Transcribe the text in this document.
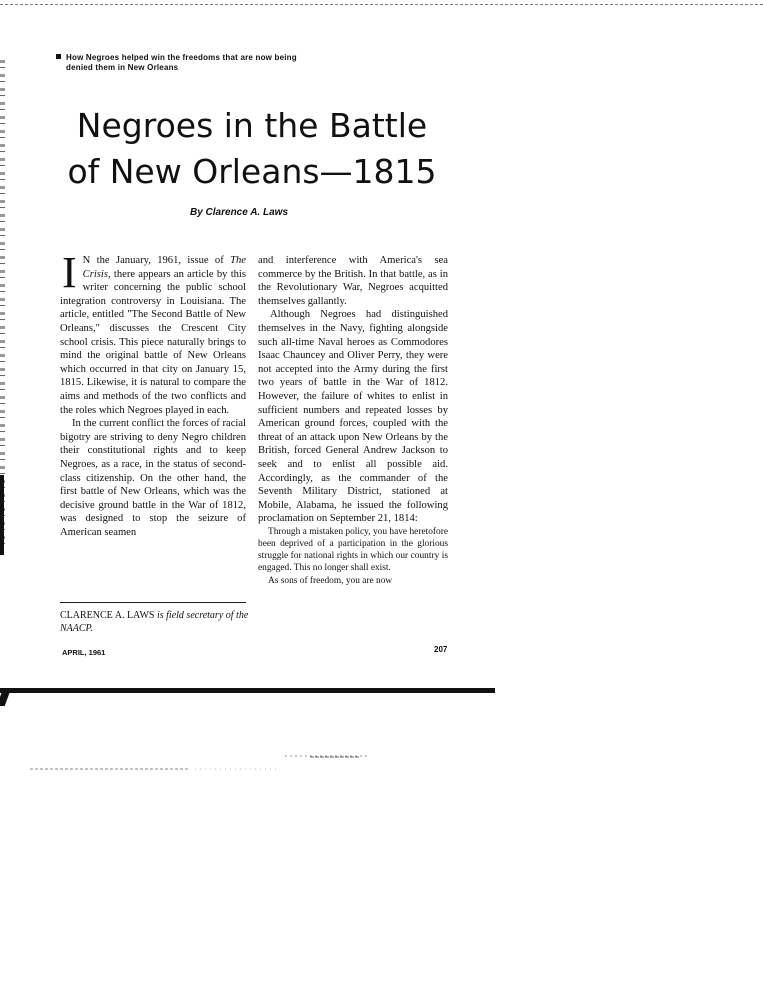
How Negroes helped win the freedoms that are now being
denied them in New Orleans
Negroes in the Battle
of New Orleans—1815
By Clarence A. Laws

I N the January, 1961, issue of The Crisis, there appears an article by this writer concerning the public school integration controversy in Louisiana. The article, entitled "The Second Battle of New Orleans," discusses the Crescent City school crisis. This piece naturally brings to mind the original battle of New Orleans which occurred in that city on January 15, 1815. Likewise, it is natural to compare the aims and methods of the two conflicts and the roles which Negroes played in each.

In the current conflict the forces of racial bigotry are striving to deny Negro children their constitutional rights and to keep Negroes, as a race, in the status of second-class citizenship. On the other hand, the first battle of New Orleans, which was the decisive ground battle in the War of 1812, was designed to stop the seizure of American seamen

and interference with America's sea commerce by the British. In that battle, as in the Revolutionary War, Negroes acquitted themselves gallantly.

Although Negroes had distinguished themselves in the Navy, fighting alongside such all-time Naval heroes as Commodores Isaac Chauncey and Oliver Perry, they were not accepted into the Army during the first two years of battle in the War of 1812. However, the failure of whites to enlist in sufficient numbers and repeated losses by American ground forces, coupled with the threat of an attack upon New Orleans by the British, forced General Andrew Jackson to seek and to enlist all possible aid. Accordingly, as the commander of the Seventh Military District, stationed at Mobile, Alabama, he issued the following proclamation on September 21, 1814:

Through a mistaken policy, you have heretofore been deprived of a participation in the glorious struggle for national rights in which our country is engaged. This no longer shall exist.

As sons of freedom, you are now

CLARENCE A. LAWS is field secretary of the NAACP.
APRIL, 1961	207
